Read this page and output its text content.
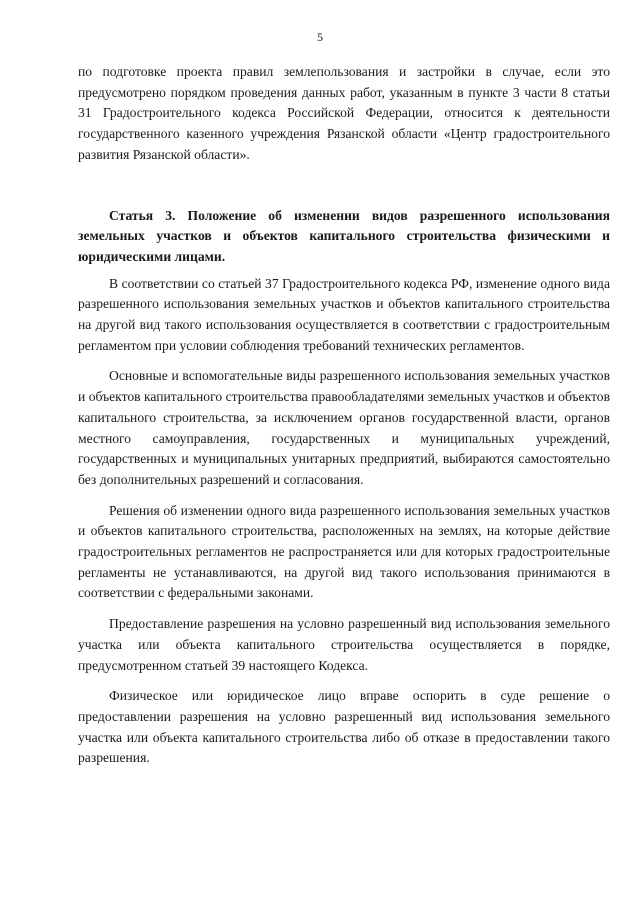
5

по подготовке проекта правил землепользования и застройки в случае, если это предусмотрено порядком проведения данных работ, указанным в пункте 3 части 8 статьи 31 Градостроительного кодекса Российской Федерации, относится к деятельности государственного казенного учреждения Рязанской области «Центр градостроительного развития Рязанской области».

Статья 3. Положение об изменении видов разрешенного использования земельных участков и объектов капитального строительства физическими и юридическими лицами.

В соответствии со статьей 37 Градостроительного кодекса РФ, изменение одного вида разрешенного использования земельных участков и объектов капитального строительства на другой вид такого использования осуществляется в соответствии с градостроительным регламентом при условии соблюдения требований технических регламентов.

Основные и вспомогательные виды разрешенного использования земельных участков и объектов капитального строительства правообладателями земельных участков и объектов капитального строительства, за исключением органов государственной власти, органов местного самоуправления, государственных и муниципальных учреждений, государственных и муниципальных унитарных предприятий, выбираются самостоятельно без дополнительных разрешений и согласования.

Решения об изменении одного вида разрешенного использования земельных участков и объектов капитального строительства, расположенных на землях, на которые действие градостроительных регламентов не распространяется или для которых градостроительные регламенты не устанавливаются, на другой вид такого использования принимаются в соответствии с федеральными законами.

Предоставление разрешения на условно разрешенный вид использования земельного участка или объекта капитального строительства осуществляется в порядке, предусмотренном статьей 39 настоящего Кодекса.

Физическое или юридическое лицо вправе оспорить в суде решение о предоставлении разрешения на условно разрешенный вид использования земельного участка или объекта капитального строительства либо об отказе в предоставлении такого разрешения.
